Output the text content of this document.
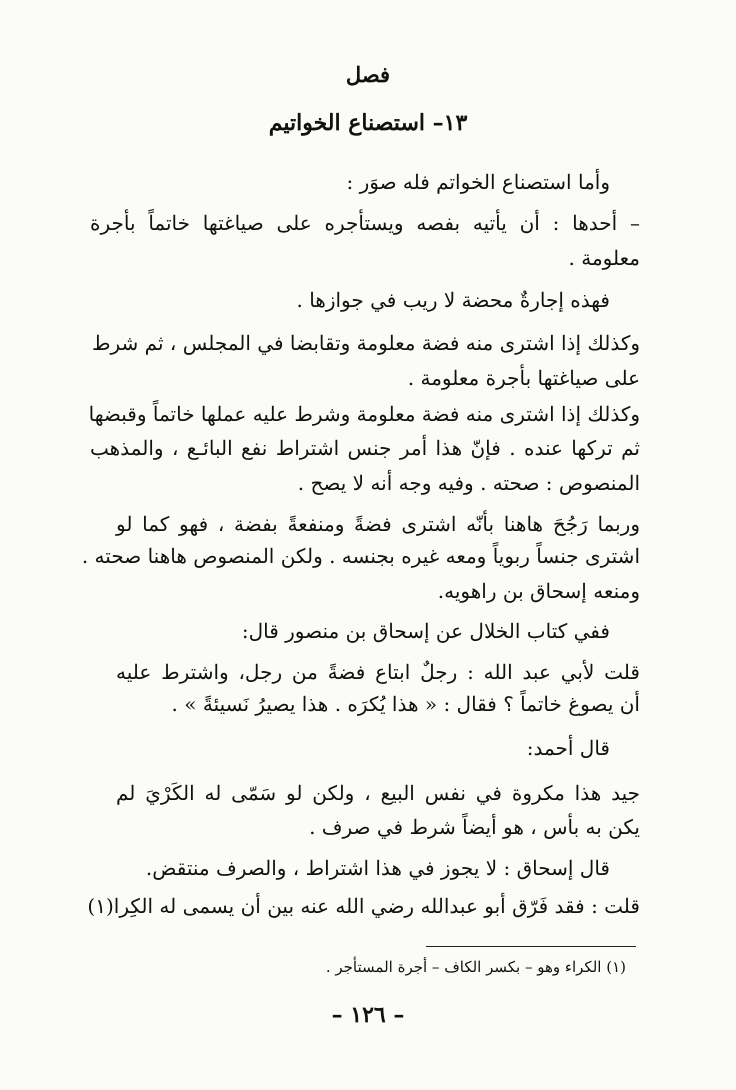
فصل
١٣– استصناع الخواتيم
وأما استصناع الخواتم فله صوَر :
– أحدها : أن يأتيه بفصه ويستأجره على صياغتها خاتماً بأجرة
معلومة .
فهذه إجارةٌ محضة لا ريب في جوازها .
وكذلك إذا اشترى منه فضة معلومة وتقابضا في المجلس ، ثم شرط
على صياغتها بأجرة معلومة .
وكذلك إذا اشترى منه فضة معلومة وشرط عليه عملها خاتماً وقبضها
ثم تركها عنده . فإنّ هذا أمر جنس اشتراط نفع البائـع ، والمذهب
المنصوص : صحته . وفيه وجه أنه لا يصح .
وربما رَجُحَ هاهنا بأنّه اشترى فضةً ومنفعةً بفضة ، فهو كما لو
اشترى جنساً ربوياً ومعه غيره بجنسه . ولكن المنصوص هاهنا صحته .
ومنعه إسحاق بن راهويه.
ففي كتاب الخلال عن إسحاق بن منصور قال:
قلت لأبي عبد الله : رجلٌ ابتاع فضةً من رجل، واشترط عليه
أن يصوغ خاتماً ؟ فقال : « هذا يُكرَه . هذا يصيرُ نَسيئةً » .
قال أحمد:
جيد هذا مكروة في نفس البيع ، ولكن لو سَمّى له الكَرْيَ لم
يكن به بأس ، هو أيضاً شرط في صرف .
قال إسحاق : لا يجوز في هذا اشتراط ، والصرف منتقض.
قلت : فقد فَرّق أبو عبدالله رضي الله عنه بين أن يسمى له الكِرا(١)
(١) الكراء وهو – بكسر الكاف – أجرة المستأجر .
– ١٢٦ –
